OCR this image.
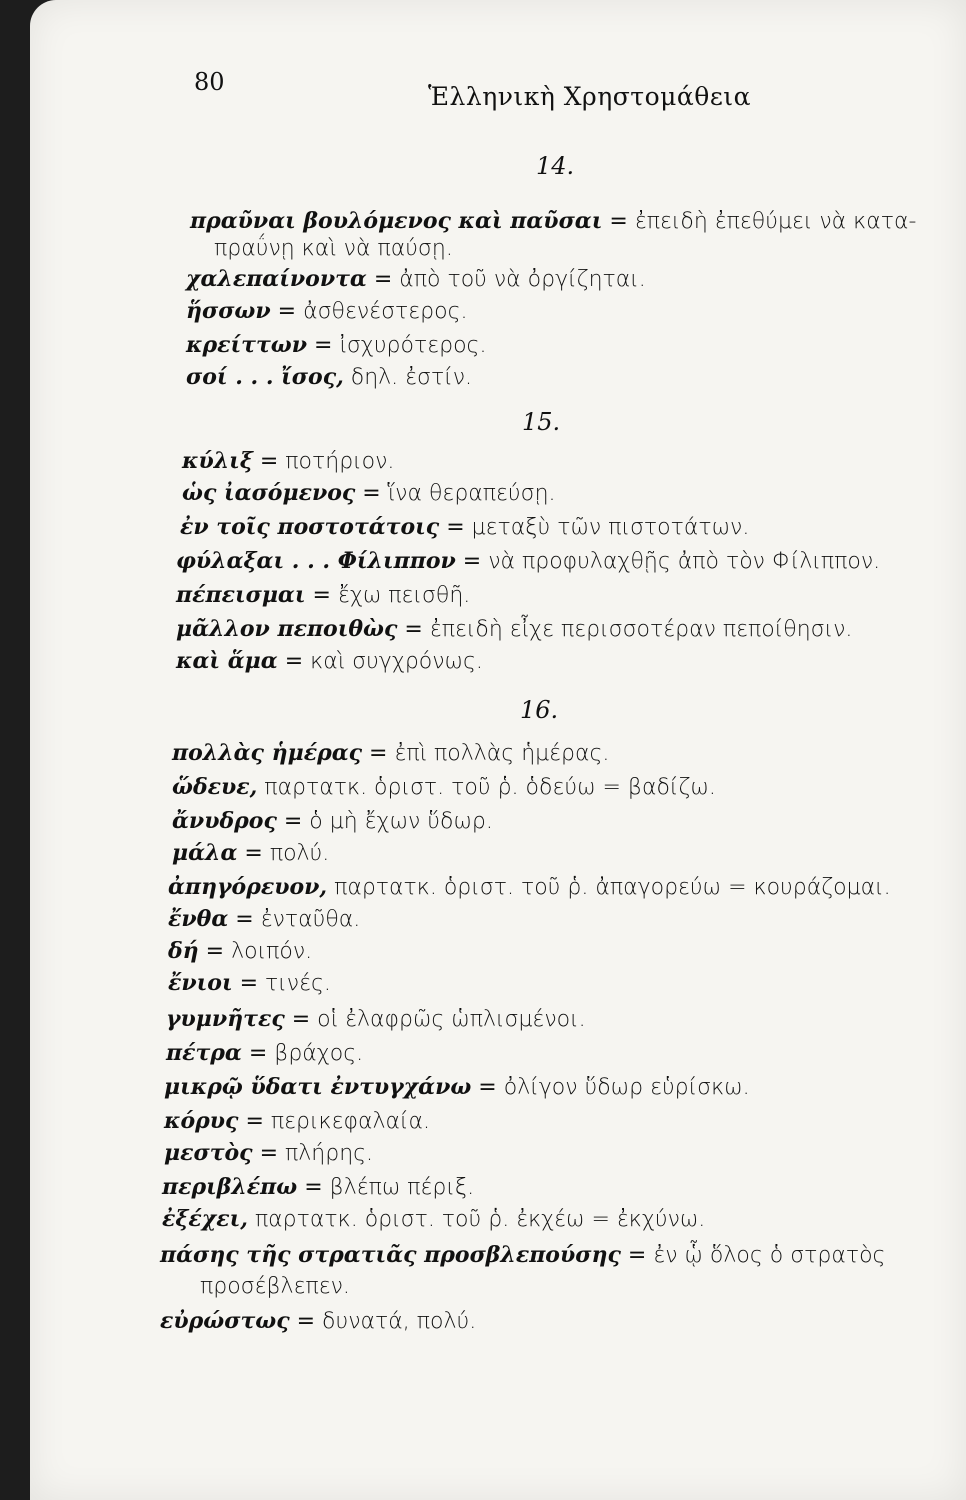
80	Ἑλληνικὴ Χρηστομάθεια
14.
πραῦναι βουλόμενος καὶ παῦσαι = ἐπειδὴ ἐπεθύμει νὰ κατα-
πραΰνῃ καὶ νὰ παύσῃ.
χαλεπαίνοντα = ἀπὸ τοῦ νὰ ὀργίζηται.
ἥσσων = ἀσθενέστερος.
κρείττων = ἰσχυρότερος.
σοί . . . ἴσος, δηλ. ἐστίν.
15.
κύλιξ = ποτήριον.
ὡς ἰασόμενος = ἵνα θεραπεύσῃ.
ἐν τοῖς ποστοτάτοις = μεταξὺ τῶν πιστοτάτων.
φύλαξαι . . . Φίλιππον = νὰ προφυλαχθῇς ἀπὸ τὸν Φίλιππον.
πέπεισμαι = ἔχω πεισθῆ.
μᾶλλον πεποιθὼς = ἐπειδὴ εἶχε περισσοτέραν πεποίθησιν.
καὶ ἅμα = καὶ συγχρόνως.
16.
πολλὰς ἡμέρας = ἐπὶ πολλὰς ἡμέρας.
ὥδευε, παρτατκ. ὁριστ. τοῦ ῥ. ὁδεύω = βαδίζω.
ἄνυδρος = ὁ μὴ ἔχων ὕδωρ.
μάλα = πολύ.
ἀπηγόρευον, παρτατκ. ὁριστ. τοῦ ῥ. ἀπαγορεύω = κουράζομαι.
ἔνθα = ἐνταῦθα.
δή = λοιπόν.
ἔνιοι = τινές.
γυμνῆτες = οἱ ἐλαφρῶς ὡπλισμένοι.
πέτρα = βράχος.
μικρῷ ὕδατι ἐντυγχάνω = ὀλίγον ὕδωρ εὑρίσκω.
κόρυς = περικεφαλαία.
μεστὸς = πλήρης.
περιβλέπω = βλέπω πέριξ.
ἐξέχει, παρτατκ. ὁριστ. τοῦ ῥ. ἐκχέω = ἐκχύνω.
πάσης τῆς στρατιᾶς προσβλεπούσης = ἐν ᾧ ὅλος ὁ στρατὸς
προσέβλεπεν.
εὐρώστως = δυνατά, πολύ.
